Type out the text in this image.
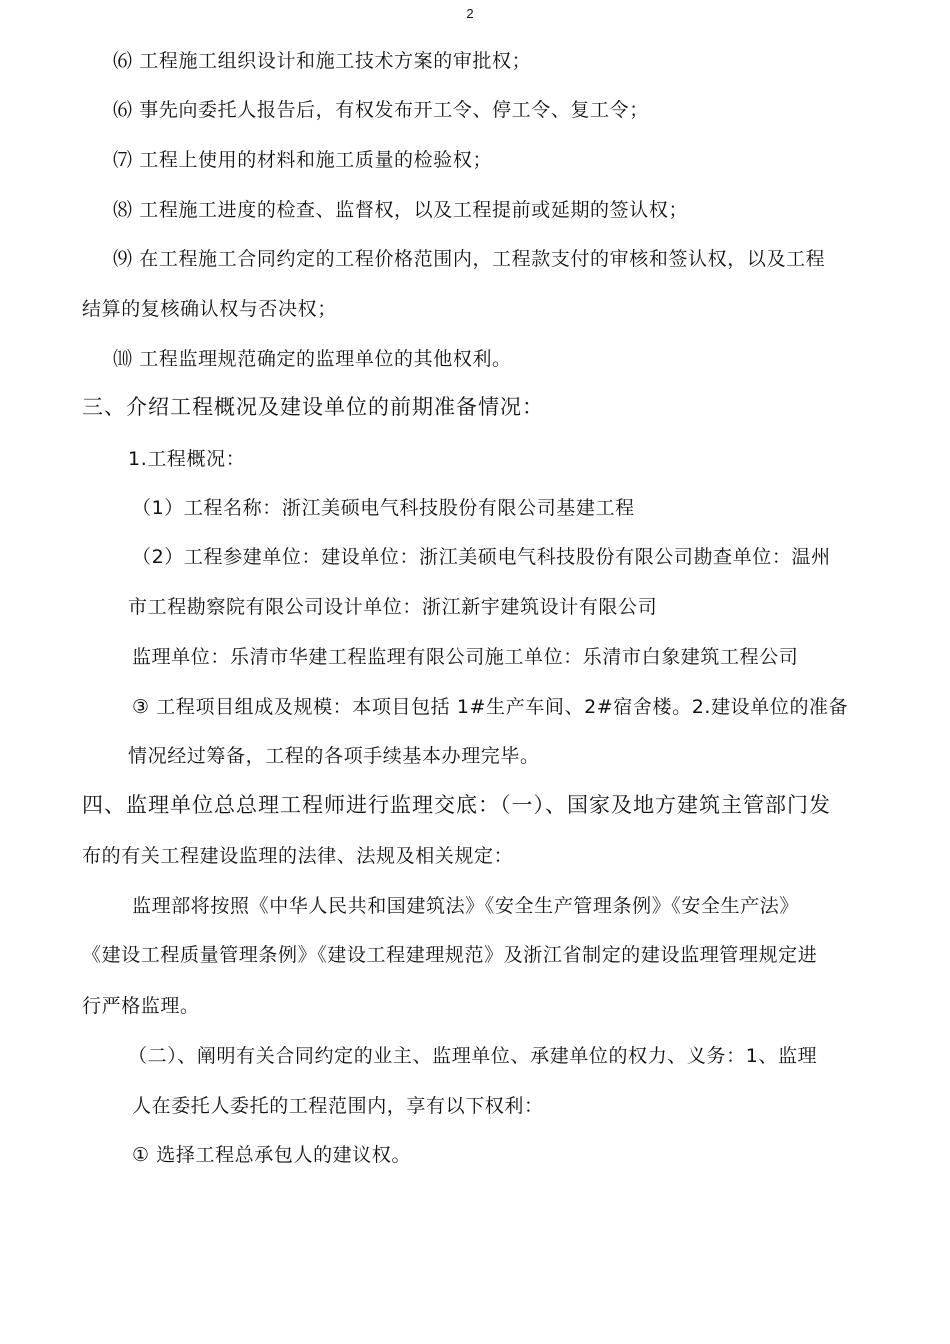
2
⑹ 工程施工组织设计和施工技术方案的审批权；
⑹ 事先向委托人报告后，有权发布开工令、停工令、复工令；
⑺ 工程上使用的材料和施工质量的检验权；
⑻ 工程施工进度的检查、监督权，以及工程提前或延期的签认权；
⑼ 在工程施工合同约定的工程价格范围内，工程款支付的审核和签认权，以及工程
结算的复核确认权与否决权；
⑽ 工程监理规范确定的监理单位的其他权利。
三、介绍工程概况及建设单位的前期准备情况：
1.工程概况：
（1）工程名称：浙江美硕电气科技股份有限公司基建工程
（2）工程参建单位：建设单位：浙江美硕电气科技股份有限公司勘查单位：温州
市工程勘察院有限公司设计单位：浙江新宇建筑设计有限公司
监理单位：乐清市华建工程监理有限公司施工单位：乐清市白象建筑工程公司
③ 工程项目组成及规模：本项目包括 1#生产车间、2#宿舍楼。2.建设单位的准备
情况经过筹备，工程的各项手续基本办理完毕。
四、监理单位总总理工程师进行监理交底：（一）、国家及地方建筑主管部门发
布的有关工程建设监理的法律、法规及相关规定：
监理部将按照《中华人民共和国建筑法》《安全生产管理条例》《安全生产法》
《建设工程质量管理条例》《建设工程建理规范》及浙江省制定的建设监理管理规定进
行严格监理。
（二）、阐明有关合同约定的业主、监理单位、承建单位的权力、义务：1、监理
人在委托人委托的工程范围内，享有以下权利：
① 选择工程总承包人的建议权。
